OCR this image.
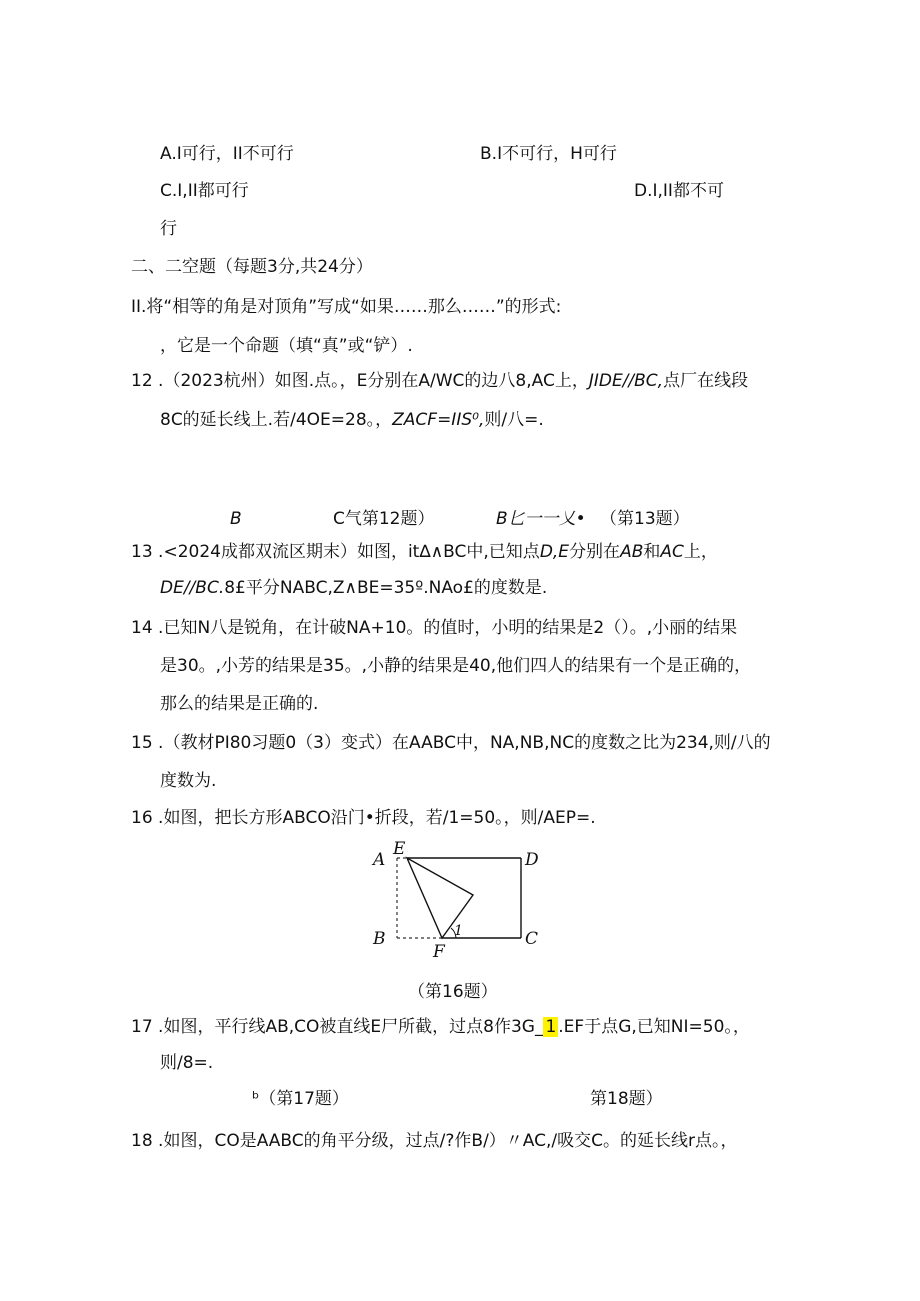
A.I可行，II不可行	B.I不可行，H可行
C.I,II都可行	D.I,II都不可
行
二、二空题（每题3分,共24分）
II.将“相等的角是对顶角”写成“如果……那么……”的形式:
，它是一个命题（填“真”或“铲）.
12 .（2023杭州）如图.点。，E分别在A/WC的边八8,AC上，JIDE//BC,点厂在线段
8C的延长线上.若/4OE=28。，ZACF=IIS⁰,则/八=.
B	C气第12题）	B匕一一乂• （第13题）
13 .<2024成都双流区期末）如图，it∆∧BC中,已知点D,E分别在AB和AC上，
DE//BC.8£平分NABC,Z∧BE=35º.NAo£的度数是.
14 .已知N八是锐角，在计破NA+10。的值时，小明的结果是2（）。,小丽的结果
是30。,小芳的结果是35。,小静的结果是40,他们四人的结果有一个是正确的，
那么的结果是正确的.
15 .（教材PI80习题0（3）变式）在AABC中，NA,NB,NC的度数之比为234,则/八的
度数为.
16 .如图，把长方形ABCO沿门•折段，若/1=50。，则/AEP=.
A
E
D
B
F
1	C
（第16题）
17 .如图，平行线AB,CO被直线E尸所截，过点8作3G_ 1 .EF于点G,已知NI=50。，
则/8=.
ᵇ（第17题）	第18题）
18 .如图，CO是AABC的角平分级，过点/?作B/）〃AC,/吸交C。的延长线r点。，
